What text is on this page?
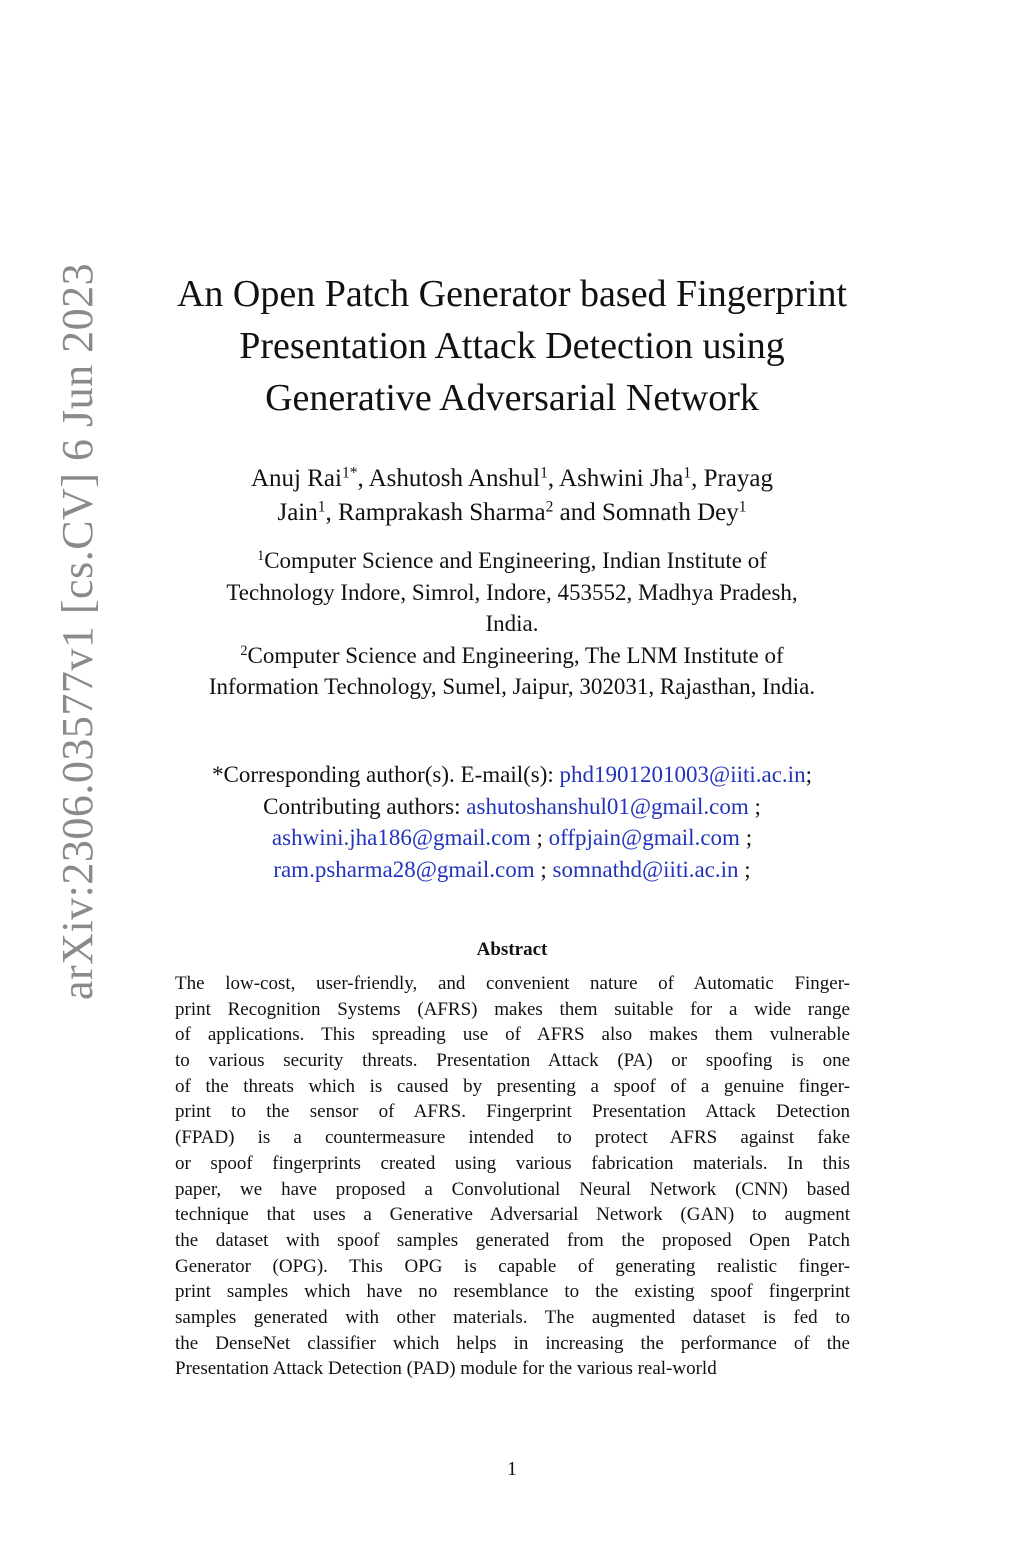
arXiv:2306.03577v1 [cs.CV] 6 Jun 2023	An Open Patch Generator based Fingerprint
Presentation Attack Detection using
Generative Adversarial Network
Anuj Rai$^{1*}$, Ashutosh Anshul$^1$, Ashwini Jha$^1$, Prayag
Jain$^1$, Ramprakash Sharma$^2$ and Somnath Dey$^1$
$^1$Computer Science and Engineering, Indian Institute of
Technology Indore, Simrol, Indore, 453552, Madhya Pradesh,
India.
$^2$Computer Science and Engineering, The LNM Institute of
Information Technology, Sumel, Jaipur, 302031, Rajasthan, India.
*Corresponding author(s). E-mail(s): phd1901201003@iiti.ac.in;
Contributing authors: ashutoshanshul01@gmail.com ;
ashwini.jha186@gmail.com ; offpjain@gmail.com ;
ram.psharma28@gmail.com ; somnathd@iiti.ac.in ;
Abstract
The low-cost, user-friendly, and convenient nature of Automatic Finger-
print Recognition Systems (AFRS) makes them suitable for a wide range
of applications. This spreading use of AFRS also makes them vulnerable
to various security threats. Presentation Attack (PA) or spoofing is one
of the threats which is caused by presenting a spoof of a genuine finger-
print to the sensor of AFRS. Fingerprint Presentation Attack Detection
(FPAD) is a countermeasure intended to protect AFRS against fake
or spoof fingerprints created using various fabrication materials. In this
paper, we have proposed a Convolutional Neural Network (CNN) based
technique that uses a Generative Adversarial Network (GAN) to augment
the dataset with spoof samples generated from the proposed Open Patch
Generator (OPG). This OPG is capable of generating realistic finger-
print samples which have no resemblance to the existing spoof fingerprint
samples generated with other materials. The augmented dataset is fed to
the DenseNet classifier which helps in increasing the performance of the
Presentation Attack Detection (PAD) module for the various real-world
1
